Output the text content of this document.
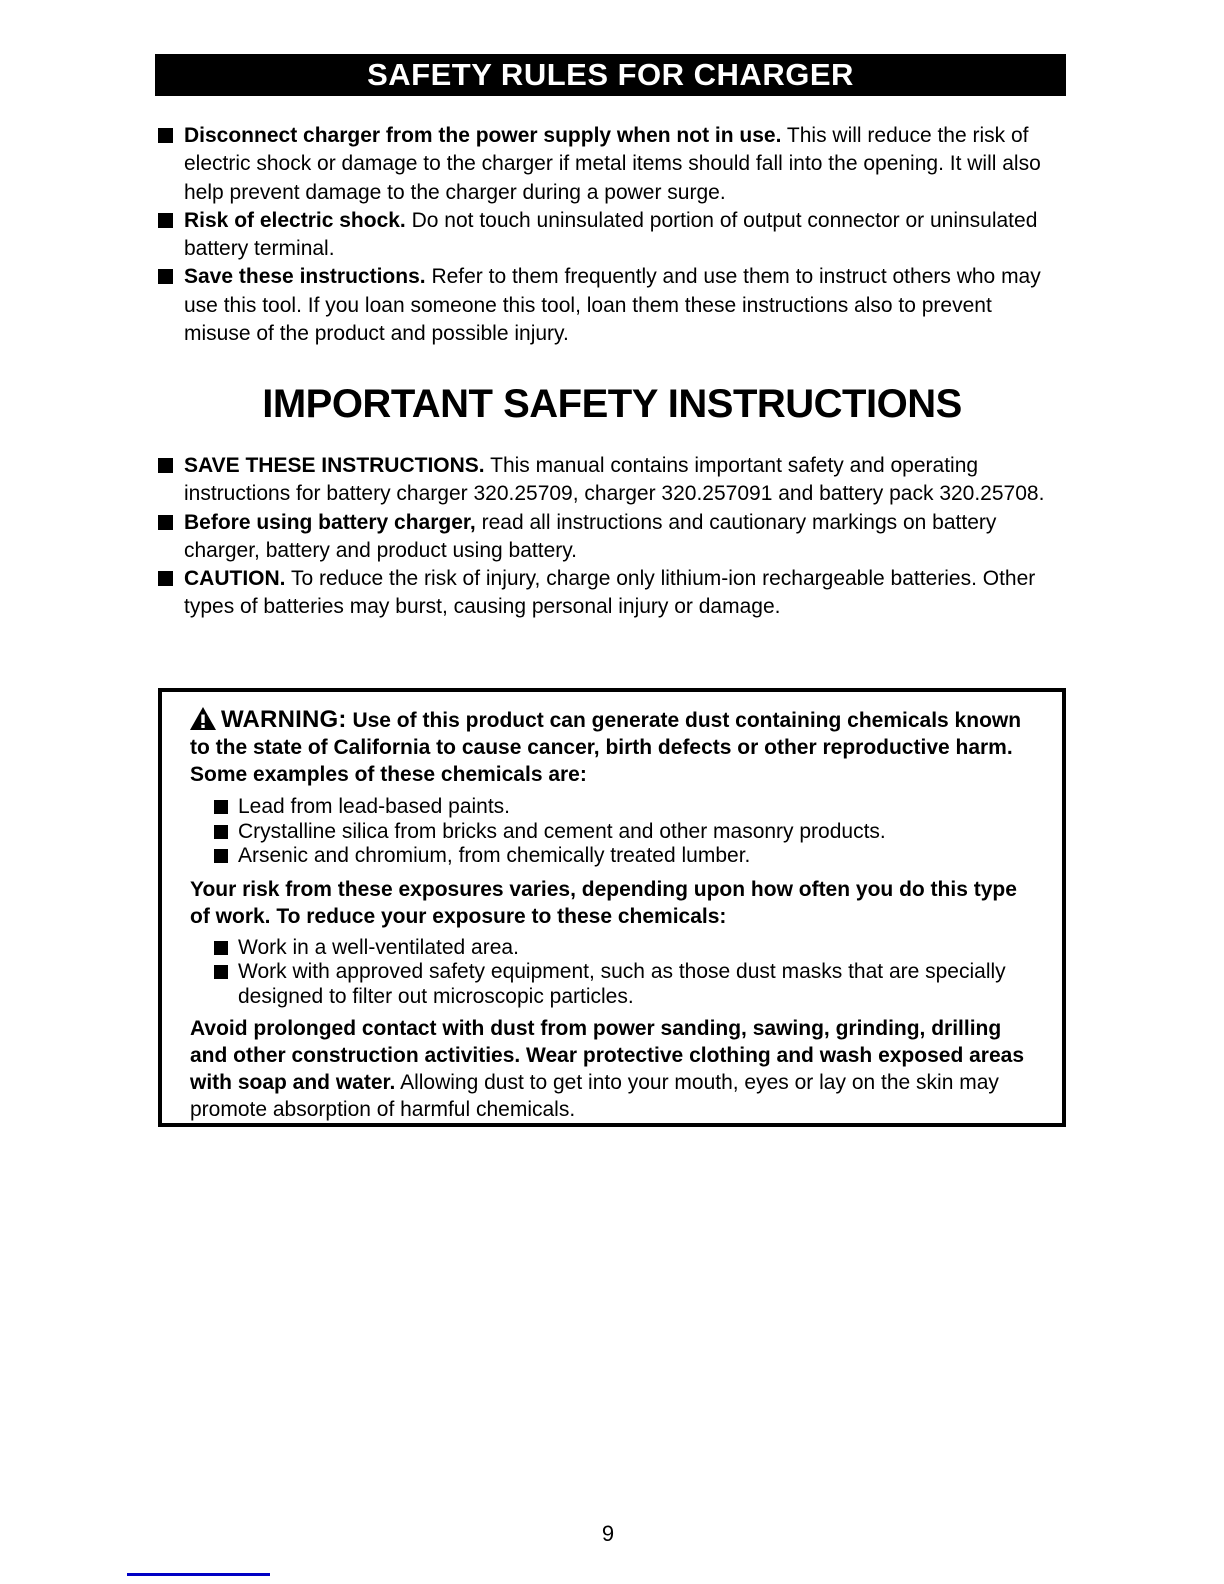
SAFETY RULES FOR CHARGER
Disconnect charger from the power supply when not in use. This will reduce the risk of electric shock or damage to the charger if metal items should fall into the opening. It will also help prevent damage to the charger during a power surge.
Risk of electric shock. Do not touch uninsulated portion of output connector or uninsulated battery terminal.
Save these instructions. Refer to them frequently and use them to instruct others who may use this tool. If you loan someone this tool, loan them these instructions also to prevent misuse of the product and possible injury.
IMPORTANT SAFETY INSTRUCTIONS
SAVE THESE INSTRUCTIONS. This manual contains important safety and operating instructions for battery charger 320.25709, charger 320.257091 and battery pack 320.25708.
Before using battery charger, read all instructions and cautionary markings on battery charger, battery and product using battery.
CAUTION. To reduce the risk of injury, charge only lithium-ion rechargeable batteries. Other types of batteries may burst, causing personal injury or damage.
WARNING: Use of this product can generate dust containing chemicals known to the state of California to cause cancer, birth defects or other reproductive harm. Some examples of these chemicals are:
Lead from lead-based paints.
Crystalline silica from bricks and cement and other masonry products.
Arsenic and chromium, from chemically treated lumber.
Your risk from these exposures varies, depending upon how often you do this type of work. To reduce your exposure to these chemicals:
Work in a well-ventilated area.
Work with approved safety equipment, such as those dust masks that are specially designed to filter out microscopic particles.
Avoid prolonged contact with dust from power sanding, sawing, grinding, drilling and other construction activities. Wear protective clothing and wash exposed areas with soap and water. Allowing dust to get into your mouth, eyes or lay on the skin may promote absorption of harmful chemicals.
9
